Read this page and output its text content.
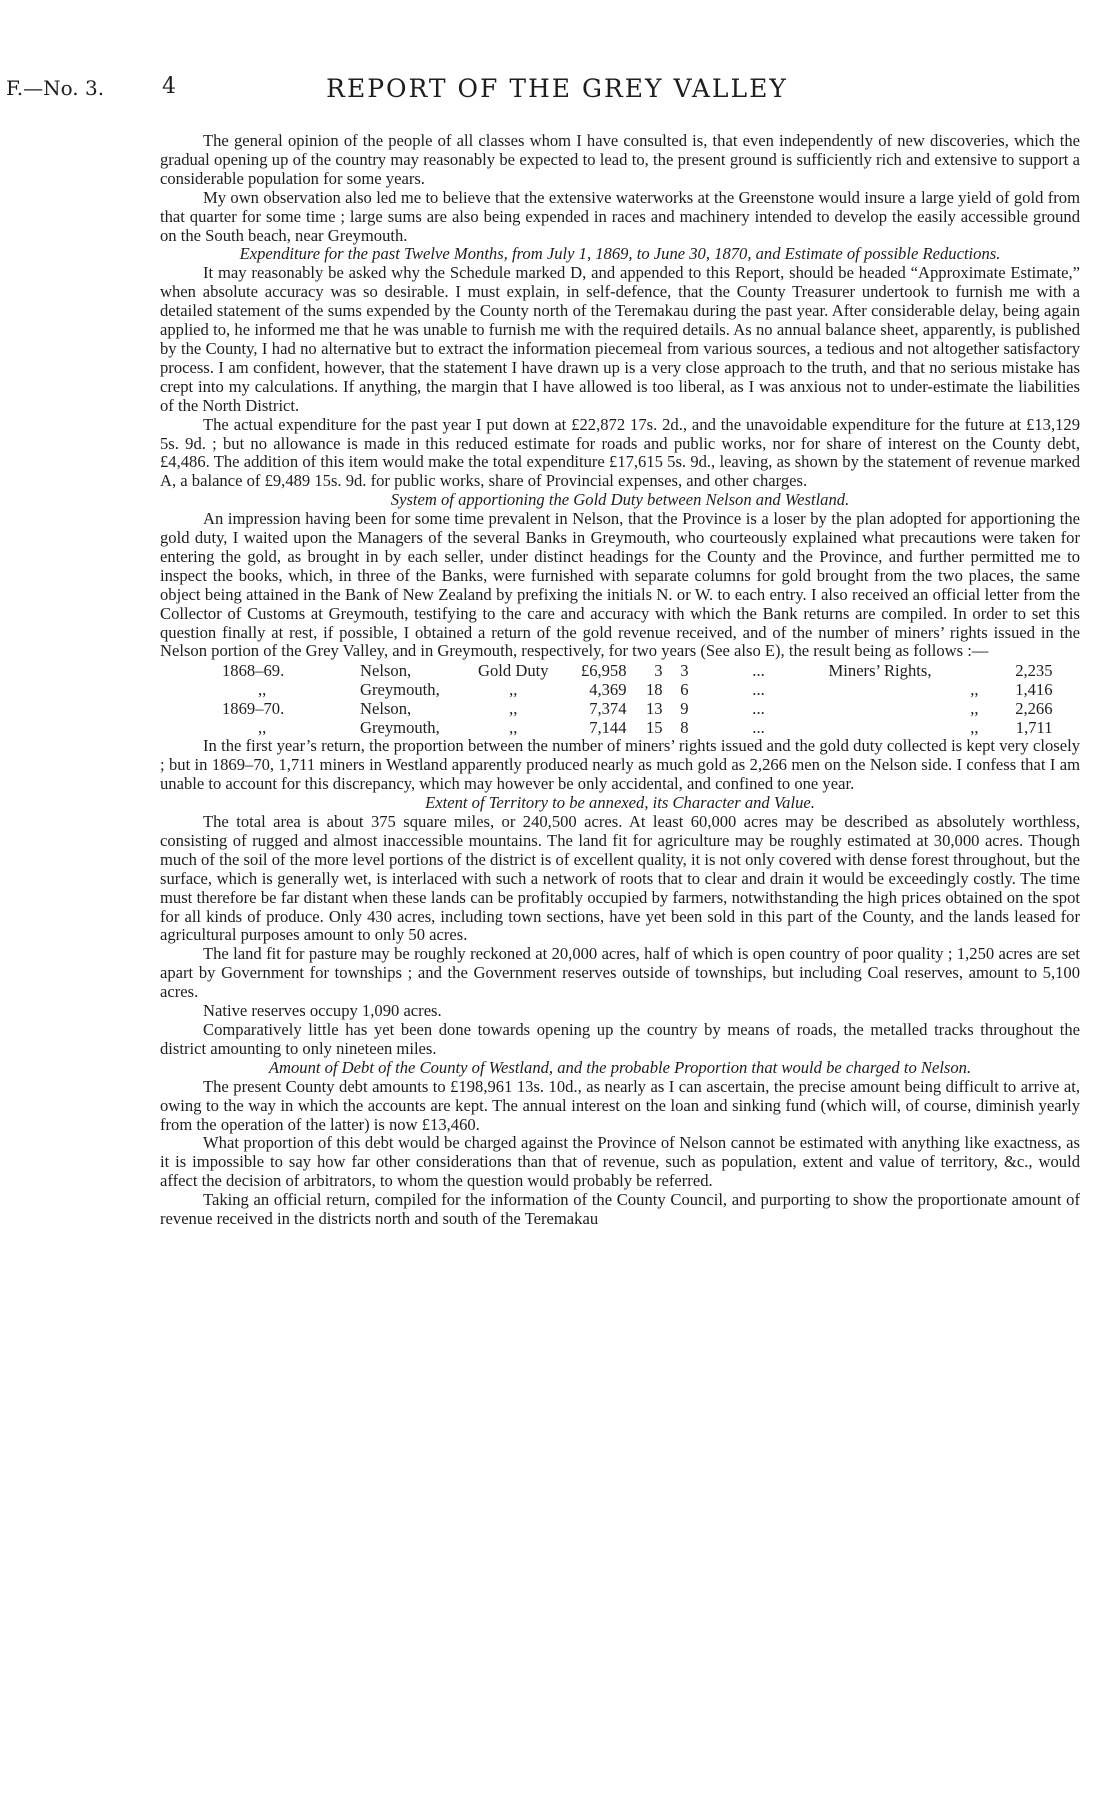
F.—No. 3.	4	REPORT OF THE GREY VALLEY

The general opinion of the people of all classes whom I have consulted is, that even independently of new discoveries, which the gradual opening up of the country may reasonably be expected to lead to, the present ground is sufficiently rich and extensive to support a considerable population for some years.

My own observation also led me to believe that the extensive waterworks at the Greenstone would insure a large yield of gold from that quarter for some time ; large sums are also being expended in races and machinery intended to develop the easily accessible ground on the South beach, near Greymouth.

Expenditure for the past Twelve Months, from July 1, 1869, to June 30, 1870, and Estimate of possible Reductions.

It may reasonably be asked why the Schedule marked D, and appended to this Report, should be headed “Approximate Estimate,” when absolute accuracy was so desirable. I must explain, in self-defence, that the County Treasurer undertook to furnish me with a detailed statement of the sums expended by the County north of the Teremakau during the past year. After considerable delay, being again applied to, he informed me that he was unable to furnish me with the required details. As no annual balance sheet, apparently, is published by the County, I had no alternative but to extract the information piecemeal from various sources, a tedious and not altogether satisfactory process. I am confident, however, that the statement I have drawn up is a very close approach to the truth, and that no serious mistake has crept into my calculations. If anything, the margin that I have allowed is too liberal, as I was anxious not to under-estimate the liabilities of the North District.

The actual expenditure for the past year I put down at £22,872 17s. 2d., and the unavoidable expenditure for the future at £13,129 5s. 9d. ; but no allowance is made in this reduced estimate for roads and public works, nor for share of interest on the County debt, £4,486. The addition of this item would make the total expenditure £17,615 5s. 9d., leaving, as shown by the statement of revenue marked A, a balance of £9,489 15s. 9d. for public works, share of Provincial expenses, and other charges.

System of apportioning the Gold Duty between Nelson and Westland.

An impression having been for some time prevalent in Nelson, that the Province is a loser by the plan adopted for apportioning the gold duty, I waited upon the Managers of the several Banks in Greymouth, who courteously explained what precautions were taken for entering the gold, as brought in by each seller, under distinct headings for the County and the Province, and further permitted me to inspect the books, which, in three of the Banks, were furnished with separate columns for gold brought from the two places, the same object being attained in the Bank of New Zealand by prefixing the initials N. or W. to each entry. I also received an official letter from the Collector of Customs at Greymouth, testifying to the care and accuracy with which the Bank returns are compiled. In order to set this question finally at rest, if possible, I obtained a return of the gold revenue received, and of the number of miners’ rights issued in the Nelson portion of the Grey Valley, and in Greymouth, respectively, for two years (See also E), the result being as follows :—

1868–69.	Nelson,	Gold Duty	£6,958	3	3	...	Miners’ Rights,	2,235
,,	Greymouth,	,,	4,369	18	6	...	,,	1,416
1869–70.	Nelson,	,,	7,374	13	9	...	,,	2,266
,,	Greymouth,	,,	7,144	15	8	...	,,	1,711

In the first year’s return, the proportion between the number of miners’ rights issued and the gold duty collected is kept very closely ; but in 1869–70, 1,711 miners in Westland apparently produced nearly as much gold as 2,266 men on the Nelson side. I confess that I am unable to account for this discrepancy, which may however be only accidental, and confined to one year.

Extent of Territory to be annexed, its Character and Value.

The total area is about 375 square miles, or 240,500 acres. At least 60,000 acres may be described as absolutely worthless, consisting of rugged and almost inaccessible mountains. The land fit for agriculture may be roughly estimated at 30,000 acres. Though much of the soil of the more level portions of the district is of excellent quality, it is not only covered with dense forest throughout, but the surface, which is generally wet, is interlaced with such a network of roots that to clear and drain it would be exceedingly costly. The time must therefore be far distant when these lands can be profitably occupied by farmers, notwithstanding the high prices obtained on the spot for all kinds of produce. Only 430 acres, including town sections, have yet been sold in this part of the County, and the lands leased for agricultural purposes amount to only 50 acres.

The land fit for pasture may be roughly reckoned at 20,000 acres, half of which is open country of poor quality ; 1,250 acres are set apart by Government for townships ; and the Government reserves outside of townships, but including Coal reserves, amount to 5,100 acres.

Native reserves occupy 1,090 acres.

Comparatively little has yet been done towards opening up the country by means of roads, the metalled tracks throughout the district amounting to only nineteen miles.

Amount of Debt of the County of Westland, and the probable Proportion that would be charged to Nelson.

The present County debt amounts to £198,961 13s. 10d., as nearly as I can ascertain, the precise amount being difficult to arrive at, owing to the way in which the accounts are kept. The annual interest on the loan and sinking fund (which will, of course, diminish yearly from the operation of the latter) is now £13,460.

What proportion of this debt would be charged against the Province of Nelson cannot be estimated with anything like exactness, as it is impossible to say how far other considerations than that of revenue, such as population, extent and value of territory, &c., would affect the decision of arbitrators, to whom the question would probably be referred.

Taking an official return, compiled for the information of the County Council, and purporting to show the proportionate amount of revenue received in the districts north and south of the Teremakau
